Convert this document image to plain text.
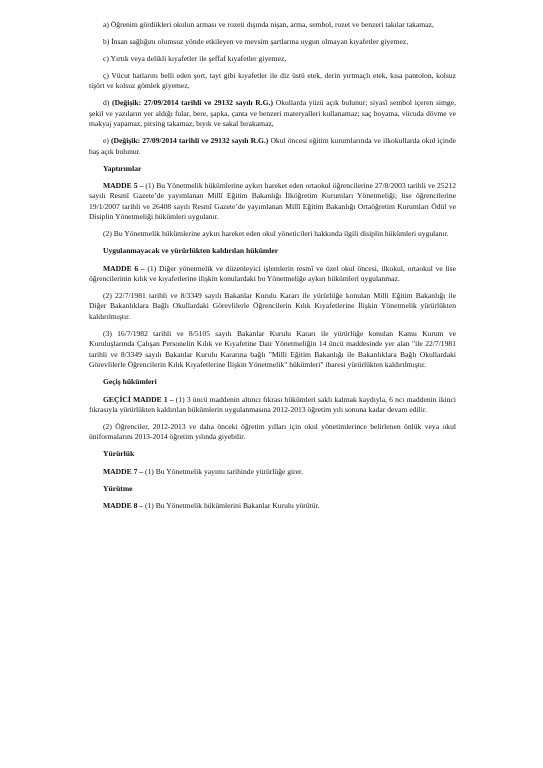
a) Öğrenim gördükleri okulun arması ve rozeti dışında nişan, arma, sembol, rozet ve benzeri takılar takamaz,

b) İnsan sağlığını olumsuz yönde etkileyen ve mevsim şartlarına uygun olmayan kıyafetler giyemez,

c) Yırtık veya delikli kıyafetler ile şeffaf kıyafetler giyemez,

ç) Vücut hatlarını belli eden şort, tayt gibi kıyafetler ile diz üstü etek, derin yırtmaçlı etek, kısa pantolon, kolsuz tişört ve kolsuz gömlek giyemez,

d) (Değişik: 27/09/2014 tarihli ve 29132 sayılı R.G.) Okullarda yüzü açık bulunur; siyasî sembol içeren simge, şekil ve yazıların yer aldığı fular, bere, şapka, çanta ve benzeri materyalleri kullanamaz; saç boyama, vücuda dövme ve makyaj yapamaz, pirsing takamaz, bıyık ve sakal bırakamaz,

e) (Değişik: 27/09/2014 tarihli ve 29132 sayılı R.G.) Okul öncesi eğitim kurumlarında ve ilkokullarda okul içinde baş açık bulunur.

Yaptırımlar

MADDE 5 – (1) Bu Yönetmelik hükümlerine aykırı hareket eden ortaokul öğrencilerine 27/8/2003 tarihli ve 25212 sayılı Resmî Gazete’de yayımlanan Millî Eğitim Bakanlığı İlköğretim Kurumları Yönetmeliği; lise öğrencilerine 19/1/2007 tarihli ve 26408 sayılı Resmî Gazete’de yayımlanan Millî Eğitim Bakanlığı Ortaöğretim Kurumları Ödül ve Disiplin Yönetmeliği hükümleri uygulanır.

(2) Bu Yönetmelik hükümlerine aykırı hareket eden okul yöneticileri hakkında ilgili disiplin hükümleri uygulanır.

Uygulanmayacak ve yürürlükten kaldırılan hükümler

MADDE 6 – (1) Diğer yönetmelik ve düzenleyici işlemlerin resmî ve özel okul öncesi, ilkokul, ortaokul ve lise öğrencilerinin kılık ve kıyafetlerine ilişkin konulardaki bu Yönetmeliğe aykırı hükümleri uygulanmaz.

(2) 22/7/1981 tarihli ve 8/3349 sayılı Bakanlar Kurulu Kararı ile yürürlüğe konulan Milli Eğitim Bakanlığı ile Diğer Bakanlıklara Bağlı Okullardaki Görevlilerle Öğrencilerin Kılık Kıyafetlerine İlişkin Yönetmelik yürürlükten kaldırılmıştır.

(3) 16/7/1982 tarihli ve 8/5105 sayılı Bakanlar Kurulu Kararı ile yürürlüğe konulan Kamu Kurum ve Kuruluşlarında Çalışan Personelin Kılık ve Kıyafetine Dair Yönetmeliğin 14 üncü maddesinde yer alan "ile 22/7/1981 tarihli ve 8/3349 sayılı Bakanlar Kurulu Kararına bağlı "Milli Eğitim Bakanlığı ile Bakanlıklara Bağlı Okullardaki Görevlilerle Öğrencilerin Kılık Kıyafetlerine İlişkin Yönetmelik" hükümleri" ibaresi yürürlükten kaldırılmıştır.

Geçiş hükümleri

GEÇİCİ MADDE 1 – (1) 3 üncü maddenin altıncı fıkrası hükümleri saklı kalmak kaydıyla, 6 ncı maddenin ikinci fıkrasıyla yürürlükten kaldırılan hükümlerin uygulanmasına 2012-2013 öğretim yılı sonuna kadar devam edilir.

(2) Öğrenciler, 2012-2013 ve daha önceki öğretim yılları için okul yönetimlerince belirlenen önlük veya okul üniformalarını 2013-2014 öğretim yılında giyebilir.

Yürürlük

MADDE 7 – (1) Bu Yönetmelik yayımı tarihinde yürürlüğe girer.

Yürütme

MADDE 8 – (1) Bu Yönetmelik hükümlerini Bakanlar Kurulu yürütür.
